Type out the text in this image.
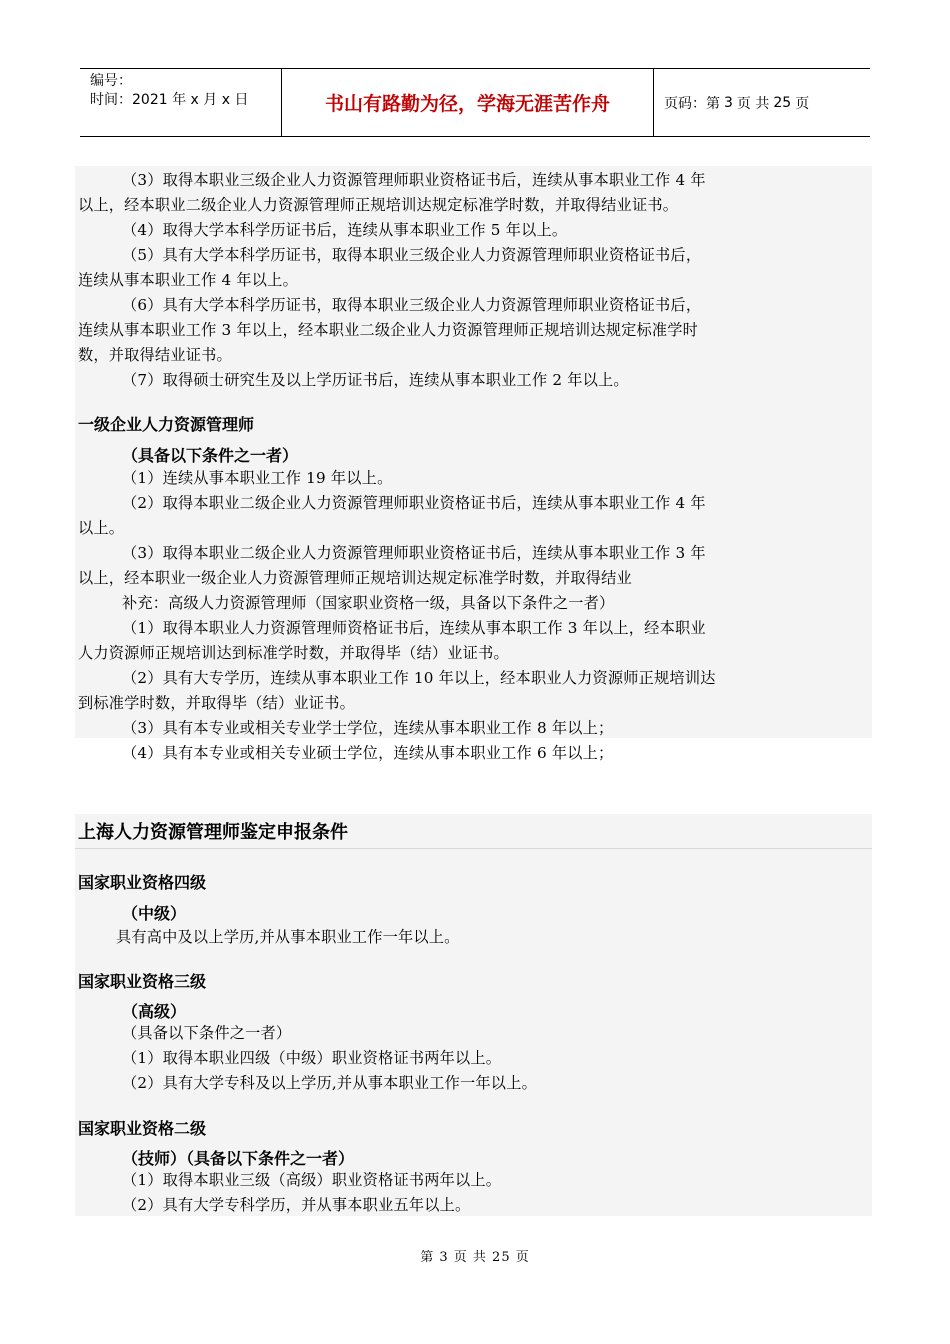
编号：
时间：2021 年 x 月 x 日	书山有路勤为径，学海无涯苦作舟	页码：第 3 页 共 25 页
（3）取得本职业三级企业人力资源管理师职业资格证书后，连续从事本职业工作 4 年
以上，经本职业二级企业人力资源管理师正规培训达规定标准学时数，并取得结业证书。
（4）取得大学本科学历证书后，连续从事本职业工作 5 年以上。
（5）具有大学本科学历证书，取得本职业三级企业人力资源管理师职业资格证书后，
连续从事本职业工作 4 年以上。
（6）具有大学本科学历证书，取得本职业三级企业人力资源管理师职业资格证书后，
连续从事本职业工作 3 年以上，经本职业二级企业人力资源管理师正规培训达规定标准学时
数，并取得结业证书。
（7）取得硕士研究生及以上学历证书后，连续从事本职业工作 2 年以上。
一级企业人力资源管理师
（具备以下条件之一者）
（1）连续从事本职业工作 19 年以上。
（2）取得本职业二级企业人力资源管理师职业资格证书后，连续从事本职业工作 4 年
以上。
（3）取得本职业二级企业人力资源管理师职业资格证书后，连续从事本职业工作 3 年
以上，经本职业一级企业人力资源管理师正规培训达规定标准学时数，并取得结业
补充：高级人力资源管理师（国家职业资格一级，具备以下条件之一者）
（1）取得本职业人力资源管理师资格证书后，连续从事本职工作 3 年以上，经本职业
人力资源师正规培训达到标准学时数，并取得毕（结）业证书。
（2）具有大专学历，连续从事本职业工作 10 年以上，经本职业人力资源师正规培训达
到标准学时数，并取得毕（结）业证书。
（3）具有本专业或相关专业学士学位，连续从事本职业工作 8 年以上；
（4）具有本专业或相关专业硕士学位，连续从事本职业工作 6 年以上；
上海人力资源管理师鉴定申报条件
国家职业资格四级
（中级）
具有高中及以上学历,并从事本职业工作一年以上。
国家职业资格三级
（高级）
（具备以下条件之一者）
（1）取得本职业四级（中级）职业资格证书两年以上。
（2）具有大学专科及以上学历,并从事本职业工作一年以上。
国家职业资格二级
（技师）（具备以下条件之一者）
（1）取得本职业三级（高级）职业资格证书两年以上。
（2）具有大学专科学历，并从事本职业五年以上。
第 3 页 共 25 页
